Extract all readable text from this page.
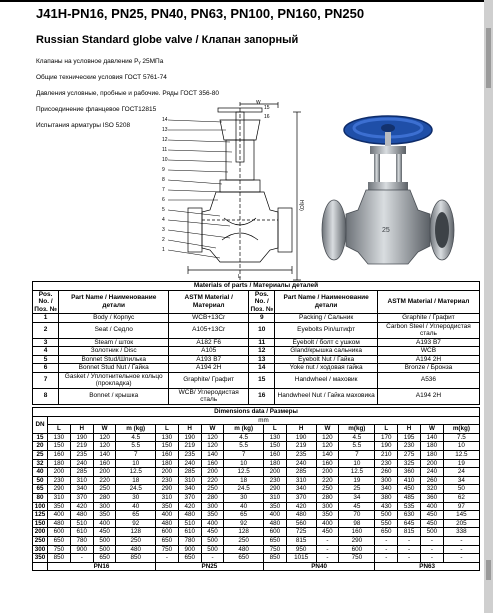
J41H-PN16, PN25, PN40, PN63, PN100, PN160, PN250
Russian Standard globe valve / Клапан запорный
Клапаны на условное давление Pᵧ 25МПа
Общие технические условия ГОСТ 5761-74
Давления условные, пробные и рабочие. Ряды ГОСТ 356-80
Присоединение фланцевое ГОСТ12815
Испытания арматуры ISO 5208
14
13
12
11
10
9
8
7
6
5
4
3
2
1
15
16
W
L
H(O)
25
Materials of parts / Материалы деталей					
Pos. No. / Поз. №	Part Name / Наименование детали	ASTM Material / Материал	Pos. No. / Поз. №	Part Name / Наименование детали	ASTM Material / Материал
1	Body / Корпус	WCB+13Cr	9	Packing / Сальник	Graphite / Графит
2	Seat / Седло	A105+13Cr	10	Eyebolts Pin/штифт	Carbon Steel / Углеродистая сталь
3	Steam / шток	A182 F6	11	Eyebolt / болт с ушком	A193 B7
4	Золотник / Disc	A105	12	Gland/крышка сальника	WCB
5	Bonnet Stud/Шпилька	A193 B7	13	Eyebolt Nut / Гайка	A194 2H
6	Bonnet Stud Nut / Гайка	A194 2H	14	Yoke nut / ходовая гайка	Bronze / Бронза
7	Gasket / Уплотнительное кольцо (прокладка)	Graphite/ Графит	15	Handwheel / маховик	A536
8	Bonnet / крышка	WCB/ Углеродистая сталь	16	Handwheel Nut / Гайка маховика	A194 2H
Dimensions data / Размеры																
DN	mm															
	L	H	W	m (kg)	L	H	W	m (kg)	L	H	W	m(kg)	L	H	W	m(kg)
15	130	190	120	4.5	130	190	120	4.5	130	190	120	4.5	170	195	140	7.5
20	150	219	120	5.5	150	219	120	5.5	150	219	120	5.5	190	230	180	10
25	160	235	140	7	160	235	140	7	160	235	140	7	210	275	180	12.5
32	180	240	160	10	180	240	160	10	180	240	160	10	230	325	200	19
40	200	285	200	12.5	200	285	200	12.5	200	285	200	12.5	260	360	240	24
50	230	310	220	18	230	310	220	18	230	310	220	19	300	410	260	34
65	290	340	250	24.5	290	340	250	24.5	290	340	250	25	340	450	320	50
80	310	370	280	30	310	370	280	30	310	370	280	34	380	485	360	62
100	350	420	300	40	350	420	300	40	350	420	300	45	430	535	400	97
125	400	480	350	65	400	480	350	65	400	480	350	70	500	630	450	145
150	480	510	400	92	480	510	400	92	480	560	400	98	550	645	450	205
200	600	610	450	128	600	610	450	128	600	725	450	160	650	815	500	338
250	650	780	500	250	650	780	500	250	650	815	-	290	-	-	-	-
300	750	900	500	480	750	900	500	480	750	950	-	600	-	-	-	-
350	850	-	650	850	-	650	-	650	850	1015	-	750	-	-	-	-
	PN16				PN25				PN40				PN63			
